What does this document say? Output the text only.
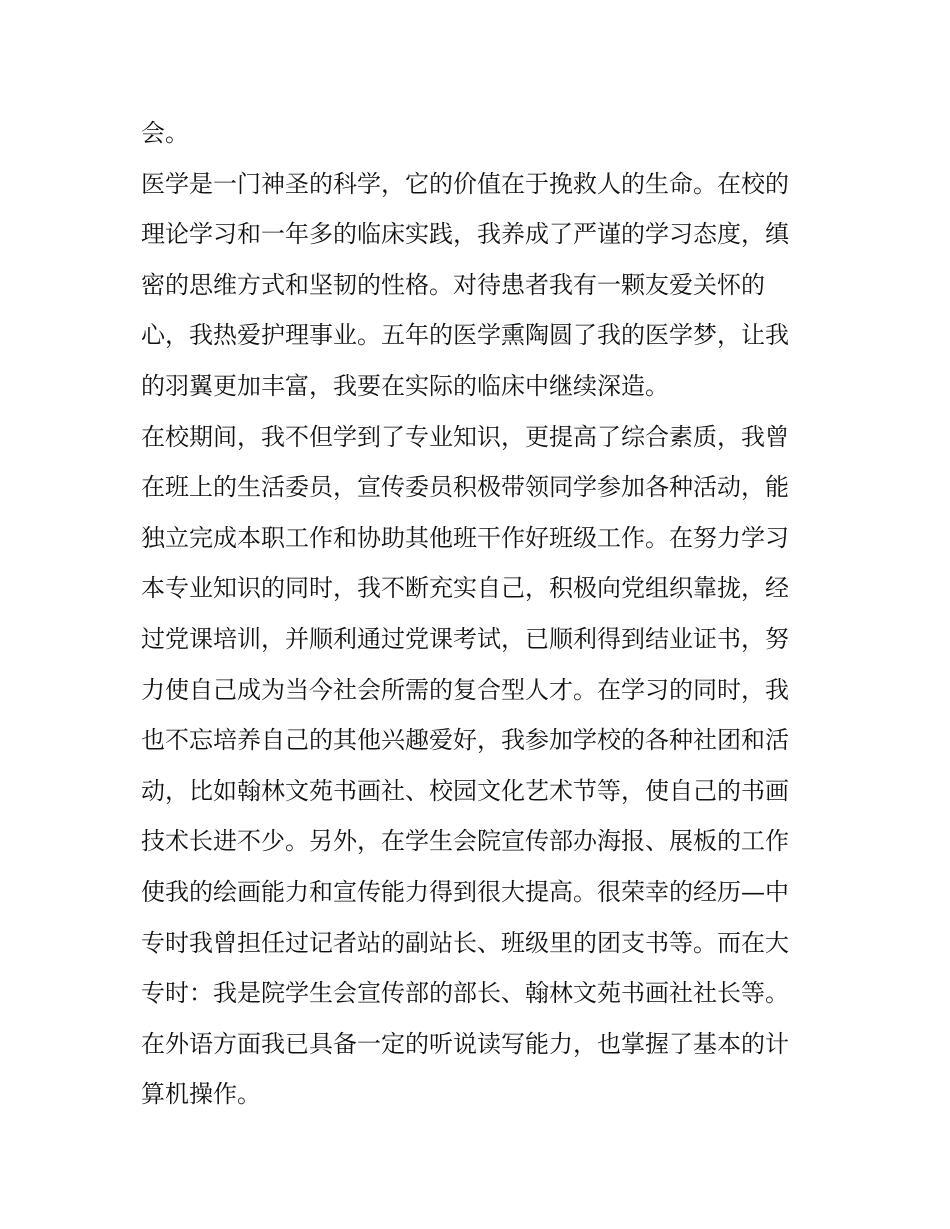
会。
医学是一门神圣的科学，它的价值在于挽救人的生命。在校的
理论学习和一年多的临床实践，我养成了严谨的学习态度，缜
密的思维方式和坚韧的性格。对待患者我有一颗友爱关怀的
心，我热爱护理事业。五年的医学熏陶圆了我的医学梦，让我
的羽翼更加丰富，我要在实际的临床中继续深造。
在校期间，我不但学到了专业知识，更提高了综合素质，我曾
在班上的生活委员，宣传委员积极带领同学参加各种活动，能
独立完成本职工作和协助其他班干作好班级工作。在努力学习
本专业知识的同时，我不断充实自己，积极向党组织靠拢，经
过党课培训，并顺利通过党课考试，已顺利得到结业证书，努
力使自己成为当今社会所需的复合型人才。在学习的同时，我
也不忘培养自己的其他兴趣爱好，我参加学校的各种社团和活
动，比如翰林文苑书画社、校园文化艺术节等，使自己的书画
技术长进不少。另外，在学生会院宣传部办海报、展板的工作
使我的绘画能力和宣传能力得到很大提高。很荣幸的经历—中
专时我曾担任过记者站的副站长、班级里的团支书等。而在大
专时：我是院学生会宣传部的部长、翰林文苑书画社社长等。
在外语方面我已具备一定的听说读写能力，也掌握了基本的计
算机操作。
